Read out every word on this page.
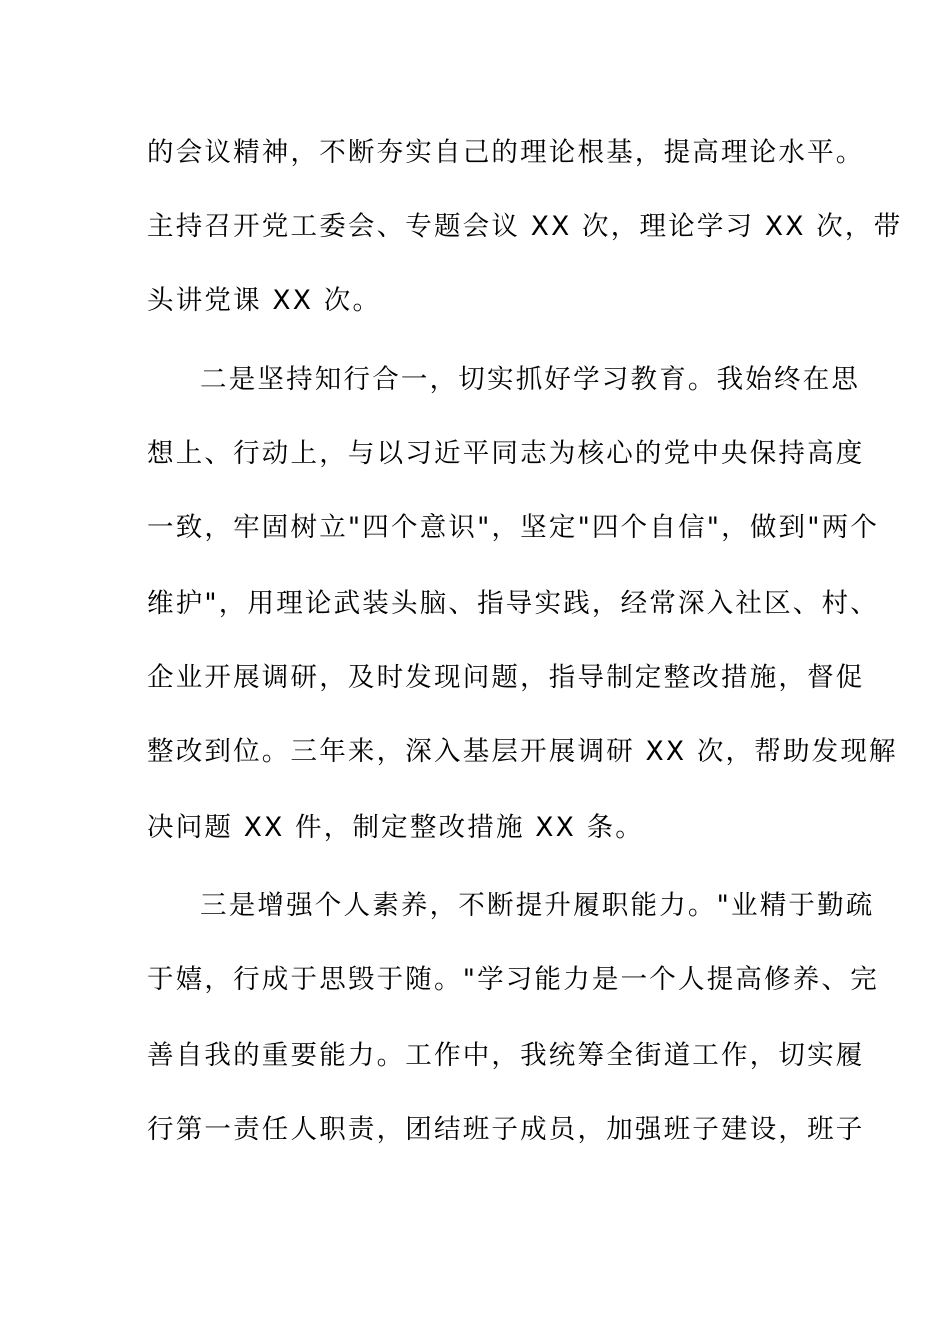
的会议精神，不断夯实自己的理论根基，提高理论水平。

主持召开党工委会、专题会议 XX 次，理论学习 XX 次，带

头讲党课 XX 次。

二是坚持知行合一，切实抓好学习教育。我始终在思

想上、行动上，与以习近平同志为核心的党中央保持高度

一致，牢固树立"四个意识"，坚定"四个自信"，做到"两个

维护"，用理论武装头脑、指导实践，经常深入社区、村、

企业开展调研，及时发现问题，指导制定整改措施，督促

整改到位。三年来，深入基层开展调研 XX 次，帮助发现解

决问题 XX 件，制定整改措施 XX 条。

三是增强个人素养，不断提升履职能力。"业精于勤疏

于嬉，行成于思毁于随。"学习能力是一个人提高修养、完

善自我的重要能力。工作中，我统筹全街道工作，切实履

行第一责任人职责，团结班子成员，加强班子建设，班子
